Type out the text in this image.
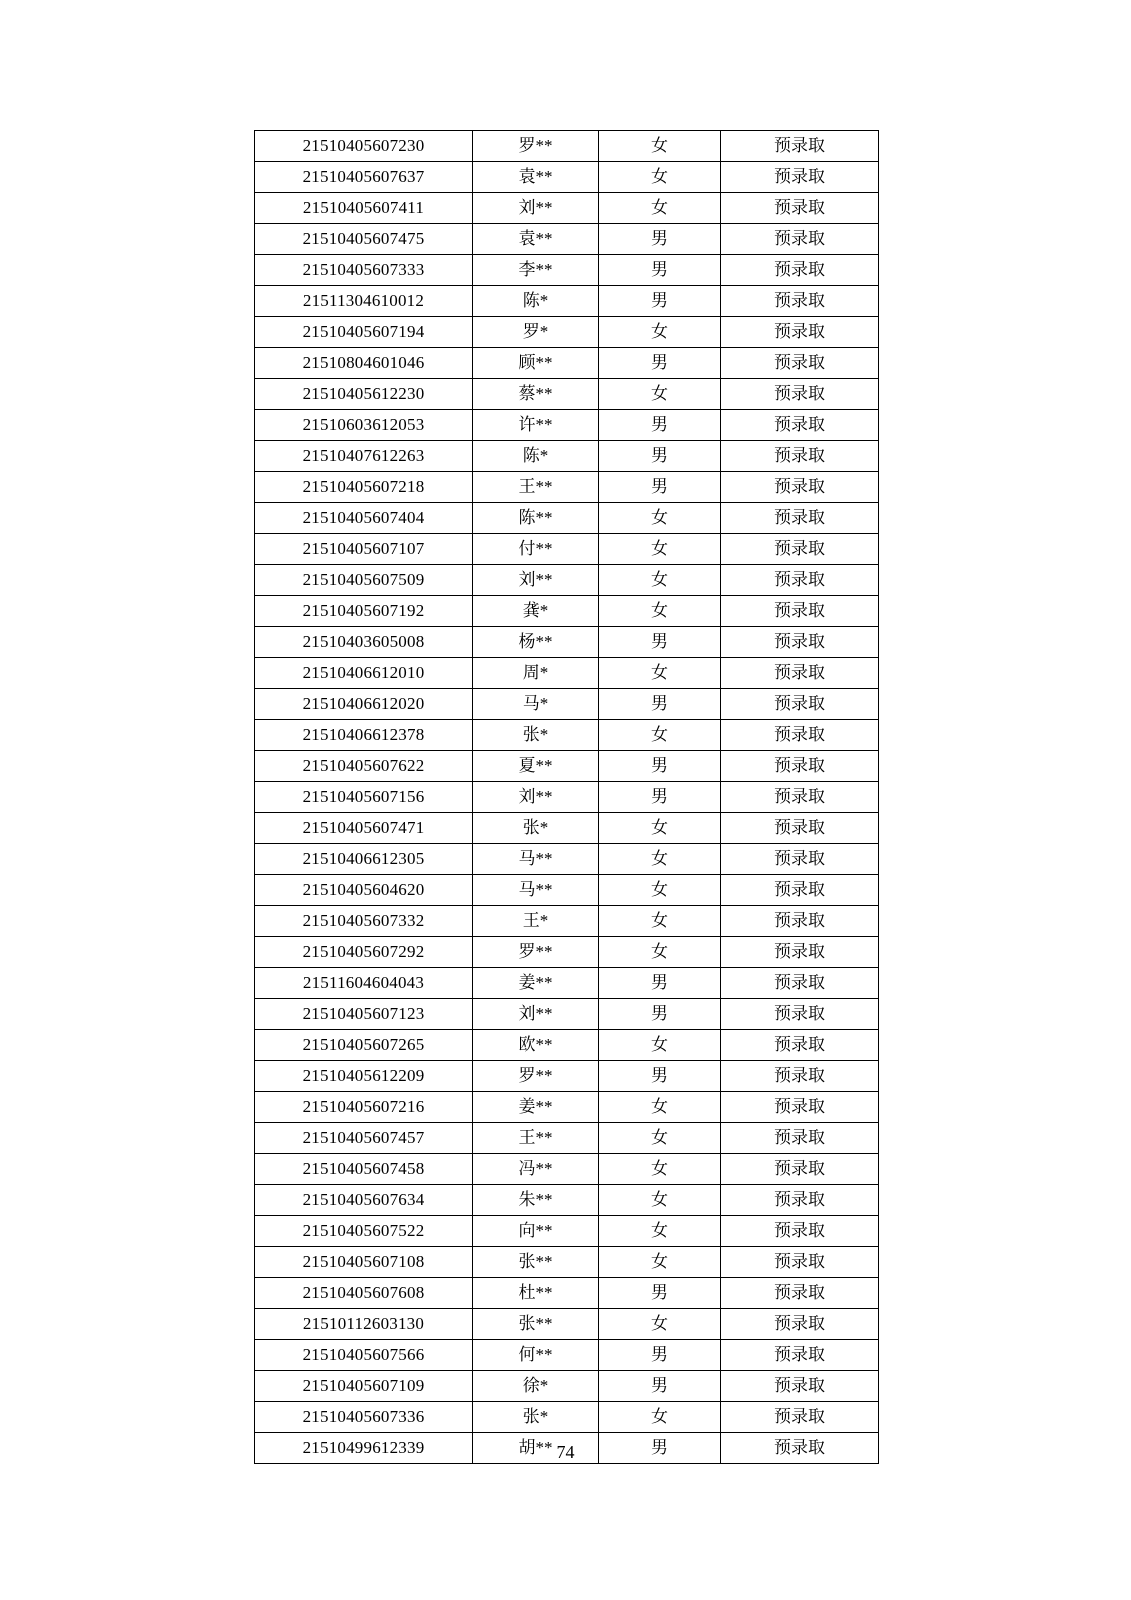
21510405607230	罗**	女	预录取
21510405607637	袁**	女	预录取
21510405607411	刘**	女	预录取
21510405607475	袁**	男	预录取
21510405607333	李**	男	预录取
21511304610012	陈*	男	预录取
21510405607194	罗*	女	预录取
21510804601046	顾**	男	预录取
21510405612230	蔡**	女	预录取
21510603612053	许**	男	预录取
21510407612263	陈*	男	预录取
21510405607218	王**	男	预录取
21510405607404	陈**	女	预录取
21510405607107	付**	女	预录取
21510405607509	刘**	女	预录取
21510405607192	龚*	女	预录取
21510403605008	杨**	男	预录取
21510406612010	周*	女	预录取
21510406612020	马*	男	预录取
21510406612378	张*	女	预录取
21510405607622	夏**	男	预录取
21510405607156	刘**	男	预录取
21510405607471	张*	女	预录取
21510406612305	马**	女	预录取
21510405604620	马**	女	预录取
21510405607332	王*	女	预录取
21510405607292	罗**	女	预录取
21511604604043	姜**	男	预录取
21510405607123	刘**	男	预录取
21510405607265	欧**	女	预录取
21510405612209	罗**	男	预录取
21510405607216	姜**	女	预录取
21510405607457	王**	女	预录取
21510405607458	冯**	女	预录取
21510405607634	朱**	女	预录取
21510405607522	向**	女	预录取
21510405607108	张**	女	预录取
21510405607608	杜**	男	预录取
21510112603130	张**	女	预录取
21510405607566	何**	男	预录取
21510405607109	徐*	男	预录取
21510405607336	张*	女	预录取
21510499612339	胡**	男	预录取
74
